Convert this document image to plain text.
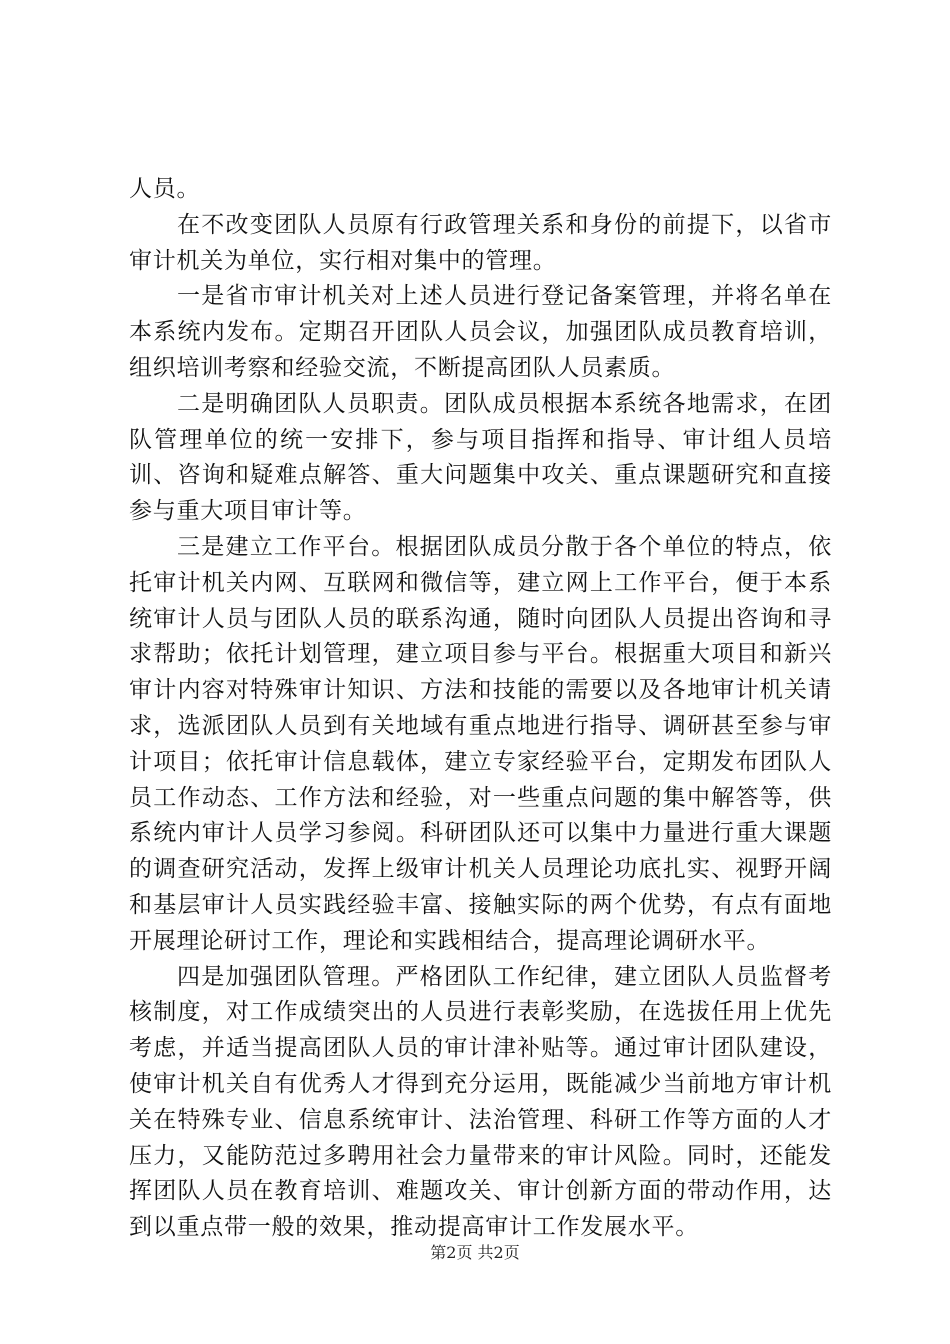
人员。

在不改变团队人员原有行政管理关系和身份的前提下，以省市审计机关为单位，实行相对集中的管理。

一是省市审计机关对上述人员进行登记备案管理，并将名单在本系统内发布。定期召开团队人员会议，加强团队成员教育培训，组织培训考察和经验交流，不断提高团队人员素质。

二是明确团队人员职责。团队成员根据本系统各地需求，在团队管理单位的统一安排下，参与项目指挥和指导、审计组人员培训、咨询和疑难点解答、重大问题集中攻关、重点课题研究和直接参与重大项目审计等。

三是建立工作平台。根据团队成员分散于各个单位的特点，依托审计机关内网、互联网和微信等，建立网上工作平台，便于本系统审计人员与团队人员的联系沟通，随时向团队人员提出咨询和寻求帮助；依托计划管理，建立项目参与平台。根据重大项目和新兴审计内容对特殊审计知识、方法和技能的需要以及各地审计机关请求，选派团队人员到有关地域有重点地进行指导、调研甚至参与审计项目；依托审计信息载体，建立专家经验平台，定期发布团队人员工作动态、工作方法和经验，对一些重点问题的集中解答等，供系统内审计人员学习参阅。科研团队还可以集中力量进行重大课题的调查研究活动，发挥上级审计机关人员理论功底扎实、视野开阔和基层审计人员实践经验丰富、接触实际的两个优势，有点有面地开展理论研讨工作，理论和实践相结合，提高理论调研水平。

四是加强团队管理。严格团队工作纪律，建立团队人员监督考核制度，对工作成绩突出的人员进行表彰奖励，在选拔任用上优先考虑，并适当提高团队人员的审计津补贴等。通过审计团队建设，使审计机关自有优秀人才得到充分运用，既能减少当前地方审计机关在特殊专业、信息系统审计、法治管理、科研工作等方面的人才压力，又能防范过多聘用社会力量带来的审计风险。同时，还能发挥团队人员在教育培训、难题攻关、审计创新方面的带动作用，达到以重点带一般的效果，推动提高审计工作发展水平。

第2页 共2页
